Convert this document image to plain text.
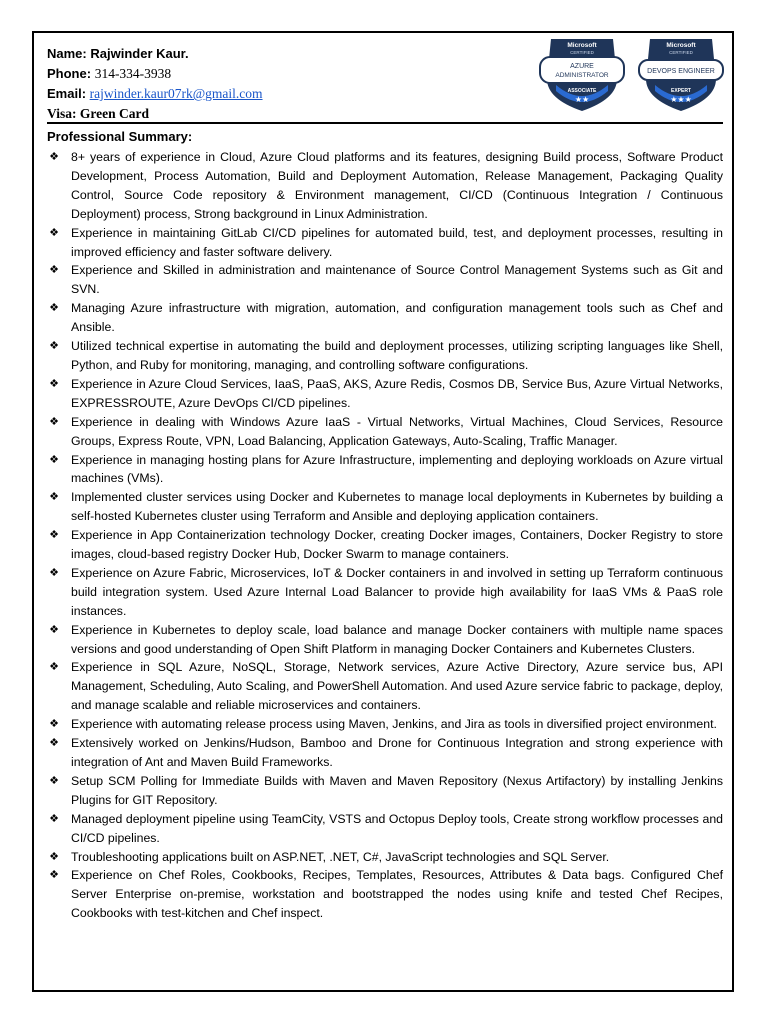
Name: Rajwinder Kaur.
Phone: 314-334-3938
Email: rajwinder.kaur07rk@gmail.com
Visa: Green Card
Microsoft
CERTIFIED
AZURE
ADMINISTRATOR
ASSOCIATE
★★
Microsoft
CERTIFIED
DEVOPS ENGINEER
EXPERT
★★★
Professional Summary:
❖ 8+ years of experience in Cloud, Azure Cloud platforms and its features, designing Build process, Software Product Development, Process Automation, Build and Deployment Automation, Release Management, Packaging Quality Control, Source Code repository & Environment management, CI/CD (Continuous Integration / Continuous Deployment) process, Strong background in Linux Administration.
❖ Experience in maintaining GitLab CI/CD pipelines for automated build, test, and deployment processes, resulting in improved efficiency and faster software delivery.
❖ Experience and Skilled in administration and maintenance of Source Control Management Systems such as Git and SVN.
❖ Managing Azure infrastructure with migration, automation, and configuration management tools such as Chef and Ansible.
❖ Utilized technical expertise in automating the build and deployment processes, utilizing scripting languages like Shell, Python, and Ruby for monitoring, managing, and controlling software configurations.
❖ Experience in Azure Cloud Services, IaaS, PaaS, AKS, Azure Redis, Cosmos DB, Service Bus, Azure Virtual Networks, EXPRESSROUTE, Azure DevOps CI/CD pipelines.
❖ Experience in dealing with Windows Azure IaaS - Virtual Networks, Virtual Machines, Cloud Services, Resource Groups, Express Route, VPN, Load Balancing, Application Gateways, Auto-Scaling, Traffic Manager.
❖ Experience in managing hosting plans for Azure Infrastructure, implementing and deploying workloads on Azure virtual machines (VMs).
❖ Implemented cluster services using Docker and Kubernetes to manage local deployments in Kubernetes by building a self-hosted Kubernetes cluster using Terraform and Ansible and deploying application containers.
❖ Experience in App Containerization technology Docker, creating Docker images, Containers, Docker Registry to store images, cloud-based registry Docker Hub, Docker Swarm to manage containers.
❖ Experience on Azure Fabric, Microservices, IoT & Docker containers in and involved in setting up Terraform continuous build integration system. Used Azure Internal Load Balancer to provide high availability for IaaS VMs & PaaS role instances.
❖ Experience in Kubernetes to deploy scale, load balance and manage Docker containers with multiple name spaces versions and good understanding of Open Shift Platform in managing Docker Containers and Kubernetes Clusters.
❖ Experience in SQL Azure, NoSQL, Storage, Network services, Azure Active Directory, Azure service bus, API Management, Scheduling, Auto Scaling, and PowerShell Automation. And used Azure service fabric to package, deploy, and manage scalable and reliable microservices and containers.
❖ Experience with automating release process using Maven, Jenkins, and Jira as tools in diversified project environment.
❖ Extensively worked on Jenkins/Hudson, Bamboo and Drone for Continuous Integration and strong experience with integration of Ant and Maven Build Frameworks.
❖ Setup SCM Polling for Immediate Builds with Maven and Maven Repository (Nexus Artifactory) by installing Jenkins Plugins for GIT Repository.
❖ Managed deployment pipeline using TeamCity, VSTS and Octopus Deploy tools, Create strong workflow processes and CI/CD pipelines.
❖ Troubleshooting applications built on ASP.NET, .NET, C#, JavaScript technologies and SQL Server.
❖ Experience on Chef Roles, Cookbooks, Recipes, Templates, Resources, Attributes & Data bags. Configured Chef Server Enterprise on-premise, workstation and bootstrapped the nodes using knife and tested Chef Recipes, Cookbooks with test-kitchen and Chef inspect.
